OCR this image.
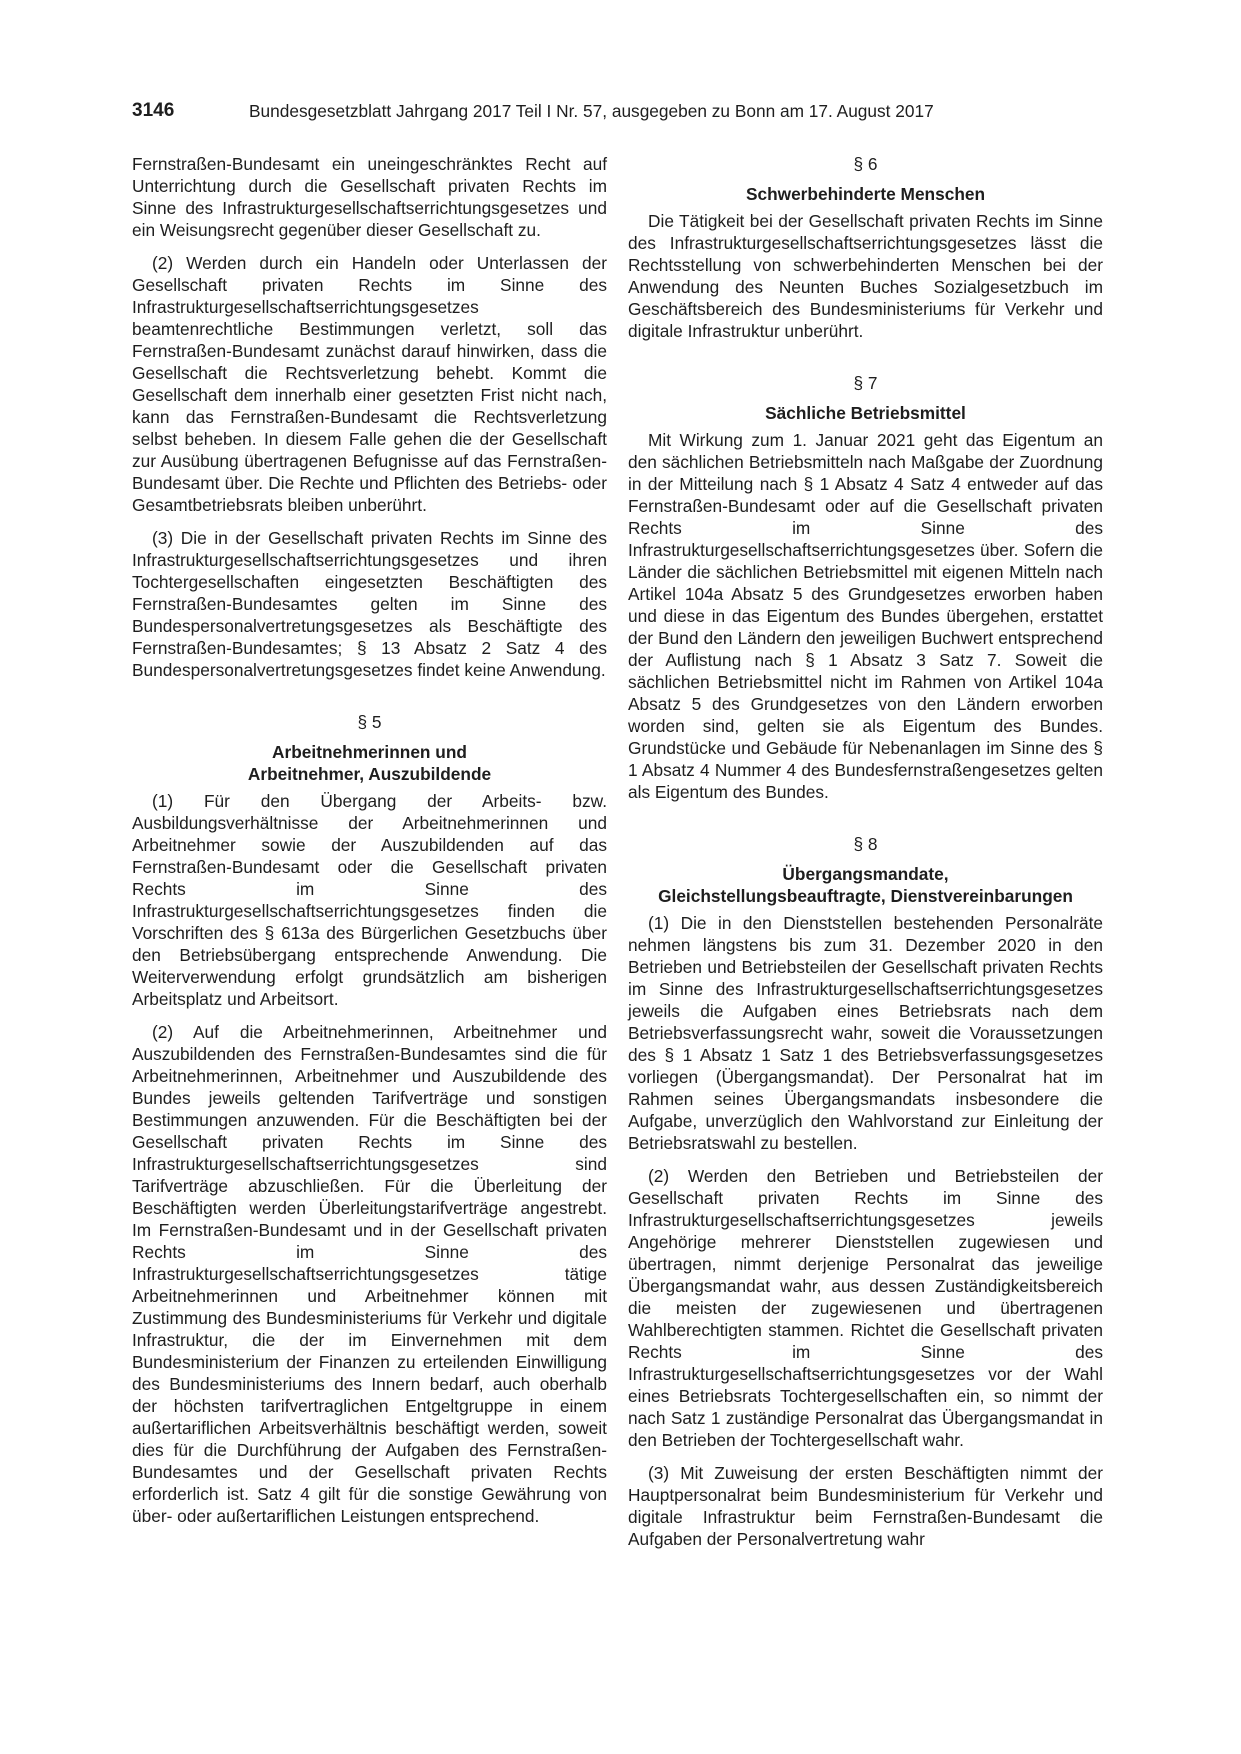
3146	Bundesgesetzblatt Jahrgang 2017 Teil I Nr. 57, ausgegeben zu Bonn am 17. August 2017

Fernstraßen-Bundesamt ein uneingeschränktes Recht auf Unterrichtung durch die Gesellschaft privaten Rechts im Sinne des Infrastrukturgesellschaftserrichtungsgesetzes und ein Weisungsrecht gegenüber dieser Gesellschaft zu.

(2) Werden durch ein Handeln oder Unterlassen der Gesellschaft privaten Rechts im Sinne des Infrastrukturgesellschaftserrichtungsgesetzes beamtenrechtliche Bestimmungen verletzt, soll das Fernstraßen-Bundesamt zunächst darauf hinwirken, dass die Gesellschaft die Rechtsverletzung behebt. Kommt die Gesellschaft dem innerhalb einer gesetzten Frist nicht nach, kann das Fernstraßen-Bundesamt die Rechtsverletzung selbst beheben. In diesem Falle gehen die der Gesellschaft zur Ausübung übertragenen Befugnisse auf das Fernstraßen-Bundesamt über. Die Rechte und Pflichten des Betriebs- oder Gesamtbetriebsrats bleiben unberührt.

(3) Die in der Gesellschaft privaten Rechts im Sinne des Infrastrukturgesellschaftserrichtungsgesetzes und ihren Tochtergesellschaften eingesetzten Beschäftigten des Fernstraßen-Bundesamtes gelten im Sinne des Bundespersonalvertretungsgesetzes als Beschäftigte des Fernstraßen-Bundesamtes; § 13 Absatz 2 Satz 4 des Bundespersonalvertretungsgesetzes findet keine Anwendung.

§ 5
Arbeitnehmerinnen und
Arbeitnehmer, Auszubildende

(1) Für den Übergang der Arbeits- bzw. Ausbildungsverhältnisse der Arbeitnehmerinnen und Arbeitnehmer sowie der Auszubildenden auf das Fernstraßen-Bundesamt oder die Gesellschaft privaten Rechts im Sinne des Infrastrukturgesellschaftserrichtungsgesetzes finden die Vorschriften des § 613a des Bürgerlichen Gesetzbuchs über den Betriebsübergang entsprechende Anwendung. Die Weiterverwendung erfolgt grundsätzlich am bisherigen Arbeitsplatz und Arbeitsort.

(2) Auf die Arbeitnehmerinnen, Arbeitnehmer und Auszubildenden des Fernstraßen-Bundesamtes sind die für Arbeitnehmerinnen, Arbeitnehmer und Auszubildende des Bundes jeweils geltenden Tarifverträge und sonstigen Bestimmungen anzuwenden. Für die Beschäftigten bei der Gesellschaft privaten Rechts im Sinne des Infrastrukturgesellschaftserrichtungsgesetzes sind Tarifverträge abzuschließen. Für die Überleitung der Beschäftigten werden Überleitungstarifverträge angestrebt. Im Fernstraßen-Bundesamt und in der Gesellschaft privaten Rechts im Sinne des Infrastrukturgesellschaftserrichtungsgesetzes tätige Arbeitnehmerinnen und Arbeitnehmer können mit Zustimmung des Bundesministeriums für Verkehr und digitale Infrastruktur, die der im Einvernehmen mit dem Bundesministerium der Finanzen zu erteilenden Einwilligung des Bundesministeriums des Innern bedarf, auch oberhalb der höchsten tarifvertraglichen Entgeltgruppe in einem außertariflichen Arbeitsverhältnis beschäftigt werden, soweit dies für die Durchführung der Aufgaben des Fernstraßen-Bundesamtes und der Gesellschaft privaten Rechts erforderlich ist. Satz 4 gilt für die sonstige Gewährung von über- oder außertariflichen Leistungen entsprechend.

§ 6
Schwerbehinderte Menschen

Die Tätigkeit bei der Gesellschaft privaten Rechts im Sinne des Infrastrukturgesellschaftserrichtungsgesetzes lässt die Rechtsstellung von schwerbehinderten Menschen bei der Anwendung des Neunten Buches Sozialgesetzbuch im Geschäftsbereich des Bundesministeriums für Verkehr und digitale Infrastruktur unberührt.

§ 7
Sächliche Betriebsmittel

Mit Wirkung zum 1. Januar 2021 geht das Eigentum an den sächlichen Betriebsmitteln nach Maßgabe der Zuordnung in der Mitteilung nach § 1 Absatz 4 Satz 4 entweder auf das Fernstraßen-Bundesamt oder auf die Gesellschaft privaten Rechts im Sinne des Infrastrukturgesellschaftserrichtungsgesetzes über. Sofern die Länder die sächlichen Betriebsmittel mit eigenen Mitteln nach Artikel 104a Absatz 5 des Grundgesetzes erworben haben und diese in das Eigentum des Bundes übergehen, erstattet der Bund den Ländern den jeweiligen Buchwert entsprechend der Auflistung nach § 1 Absatz 3 Satz 7. Soweit die sächlichen Betriebsmittel nicht im Rahmen von Artikel 104a Absatz 5 des Grundgesetzes von den Ländern erworben worden sind, gelten sie als Eigentum des Bundes. Grundstücke und Gebäude für Nebenanlagen im Sinne des § 1 Absatz 4 Nummer 4 des Bundesfernstraßengesetzes gelten als Eigentum des Bundes.

§ 8
Übergangsmandate,
Gleichstellungsbeauftragte, Dienstvereinbarungen

(1) Die in den Dienststellen bestehenden Personalräte nehmen längstens bis zum 31. Dezember 2020 in den Betrieben und Betriebsteilen der Gesellschaft privaten Rechts im Sinne des Infrastrukturgesellschaftserrichtungsgesetzes jeweils die Aufgaben eines Betriebsrats nach dem Betriebsverfassungsrecht wahr, soweit die Voraussetzungen des § 1 Absatz 1 Satz 1 des Betriebsverfassungsgesetzes vorliegen (Übergangsmandat). Der Personalrat hat im Rahmen seines Übergangsmandats insbesondere die Aufgabe, unverzüglich den Wahlvorstand zur Einleitung der Betriebsratswahl zu bestellen.

(2) Werden den Betrieben und Betriebsteilen der Gesellschaft privaten Rechts im Sinne des Infrastrukturgesellschaftserrichtungsgesetzes jeweils Angehörige mehrerer Dienststellen zugewiesen und übertragen, nimmt derjenige Personalrat das jeweilige Übergangsmandat wahr, aus dessen Zuständigkeitsbereich die meisten der zugewiesenen und übertragenen Wahlberechtigten stammen. Richtet die Gesellschaft privaten Rechts im Sinne des Infrastrukturgesellschaftserrichtungsgesetzes vor der Wahl eines Betriebsrats Tochtergesellschaften ein, so nimmt der nach Satz 1 zuständige Personalrat das Übergangsmandat in den Betrieben der Tochtergesellschaft wahr.

(3) Mit Zuweisung der ersten Beschäftigten nimmt der Hauptpersonalrat beim Bundesministerium für Verkehr und digitale Infrastruktur beim Fernstraßen-Bundesamt die Aufgaben der Personalvertretung wahr
